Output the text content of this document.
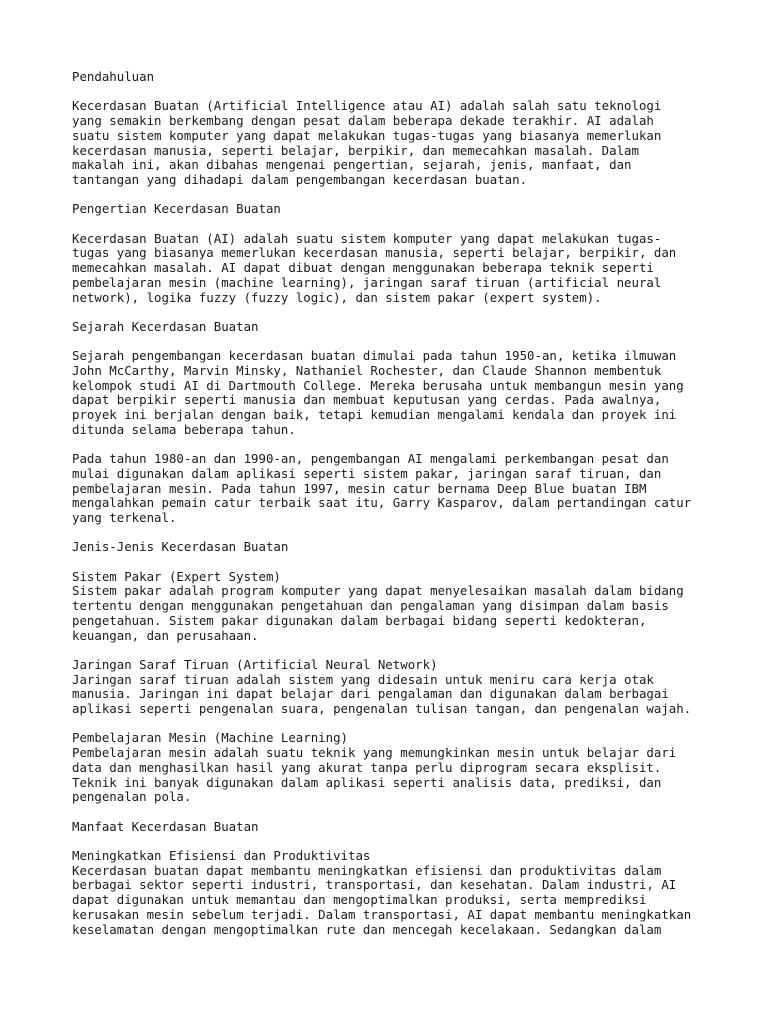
Pendahuluan
Kecerdasan Buatan (Artificial Intelligence atau AI) adalah salah satu teknologi
yang semakin berkembang dengan pesat dalam beberapa dekade terakhir. AI adalah
suatu sistem komputer yang dapat melakukan tugas-tugas yang biasanya memerlukan
kecerdasan manusia, seperti belajar, berpikir, dan memecahkan masalah. Dalam
makalah ini, akan dibahas mengenai pengertian, sejarah, jenis, manfaat, dan
tantangan yang dihadapi dalam pengembangan kecerdasan buatan.
Pengertian Kecerdasan Buatan
Kecerdasan Buatan (AI) adalah suatu sistem komputer yang dapat melakukan tugas-
tugas yang biasanya memerlukan kecerdasan manusia, seperti belajar, berpikir, dan
memecahkan masalah. AI dapat dibuat dengan menggunakan beberapa teknik seperti
pembelajaran mesin (machine learning), jaringan saraf tiruan (artificial neural
network), logika fuzzy (fuzzy logic), dan sistem pakar (expert system).
Sejarah Kecerdasan Buatan
Sejarah pengembangan kecerdasan buatan dimulai pada tahun 1950-an, ketika ilmuwan
John McCarthy, Marvin Minsky, Nathaniel Rochester, dan Claude Shannon membentuk
kelompok studi AI di Dartmouth College. Mereka berusaha untuk membangun mesin yang
dapat berpikir seperti manusia dan membuat keputusan yang cerdas. Pada awalnya,
proyek ini berjalan dengan baik, tetapi kemudian mengalami kendala dan proyek ini
ditunda selama beberapa tahun.
Pada tahun 1980-an dan 1990-an, pengembangan AI mengalami perkembangan pesat dan
mulai digunakan dalam aplikasi seperti sistem pakar, jaringan saraf tiruan, dan
pembelajaran mesin. Pada tahun 1997, mesin catur bernama Deep Blue buatan IBM
mengalahkan pemain catur terbaik saat itu, Garry Kasparov, dalam pertandingan catur
yang terkenal.
Jenis-Jenis Kecerdasan Buatan
Sistem Pakar (Expert System)
Sistem pakar adalah program komputer yang dapat menyelesaikan masalah dalam bidang
tertentu dengan menggunakan pengetahuan dan pengalaman yang disimpan dalam basis
pengetahuan. Sistem pakar digunakan dalam berbagai bidang seperti kedokteran,
keuangan, dan perusahaan.
Jaringan Saraf Tiruan (Artificial Neural Network)
Jaringan saraf tiruan adalah sistem yang didesain untuk meniru cara kerja otak
manusia. Jaringan ini dapat belajar dari pengalaman dan digunakan dalam berbagai
aplikasi seperti pengenalan suara, pengenalan tulisan tangan, dan pengenalan wajah.
Pembelajaran Mesin (Machine Learning)
Pembelajaran mesin adalah suatu teknik yang memungkinkan mesin untuk belajar dari
data dan menghasilkan hasil yang akurat tanpa perlu diprogram secara eksplisit.
Teknik ini banyak digunakan dalam aplikasi seperti analisis data, prediksi, dan
pengenalan pola.
Manfaat Kecerdasan Buatan
Meningkatkan Efisiensi dan Produktivitas
Kecerdasan buatan dapat membantu meningkatkan efisiensi dan produktivitas dalam
berbagai sektor seperti industri, transportasi, dan kesehatan. Dalam industri, AI
dapat digunakan untuk memantau dan mengoptimalkan produksi, serta memprediksi
kerusakan mesin sebelum terjadi. Dalam transportasi, AI dapat membantu meningkatkan
keselamatan dengan mengoptimalkan rute dan mencegah kecelakaan. Sedangkan dalam
